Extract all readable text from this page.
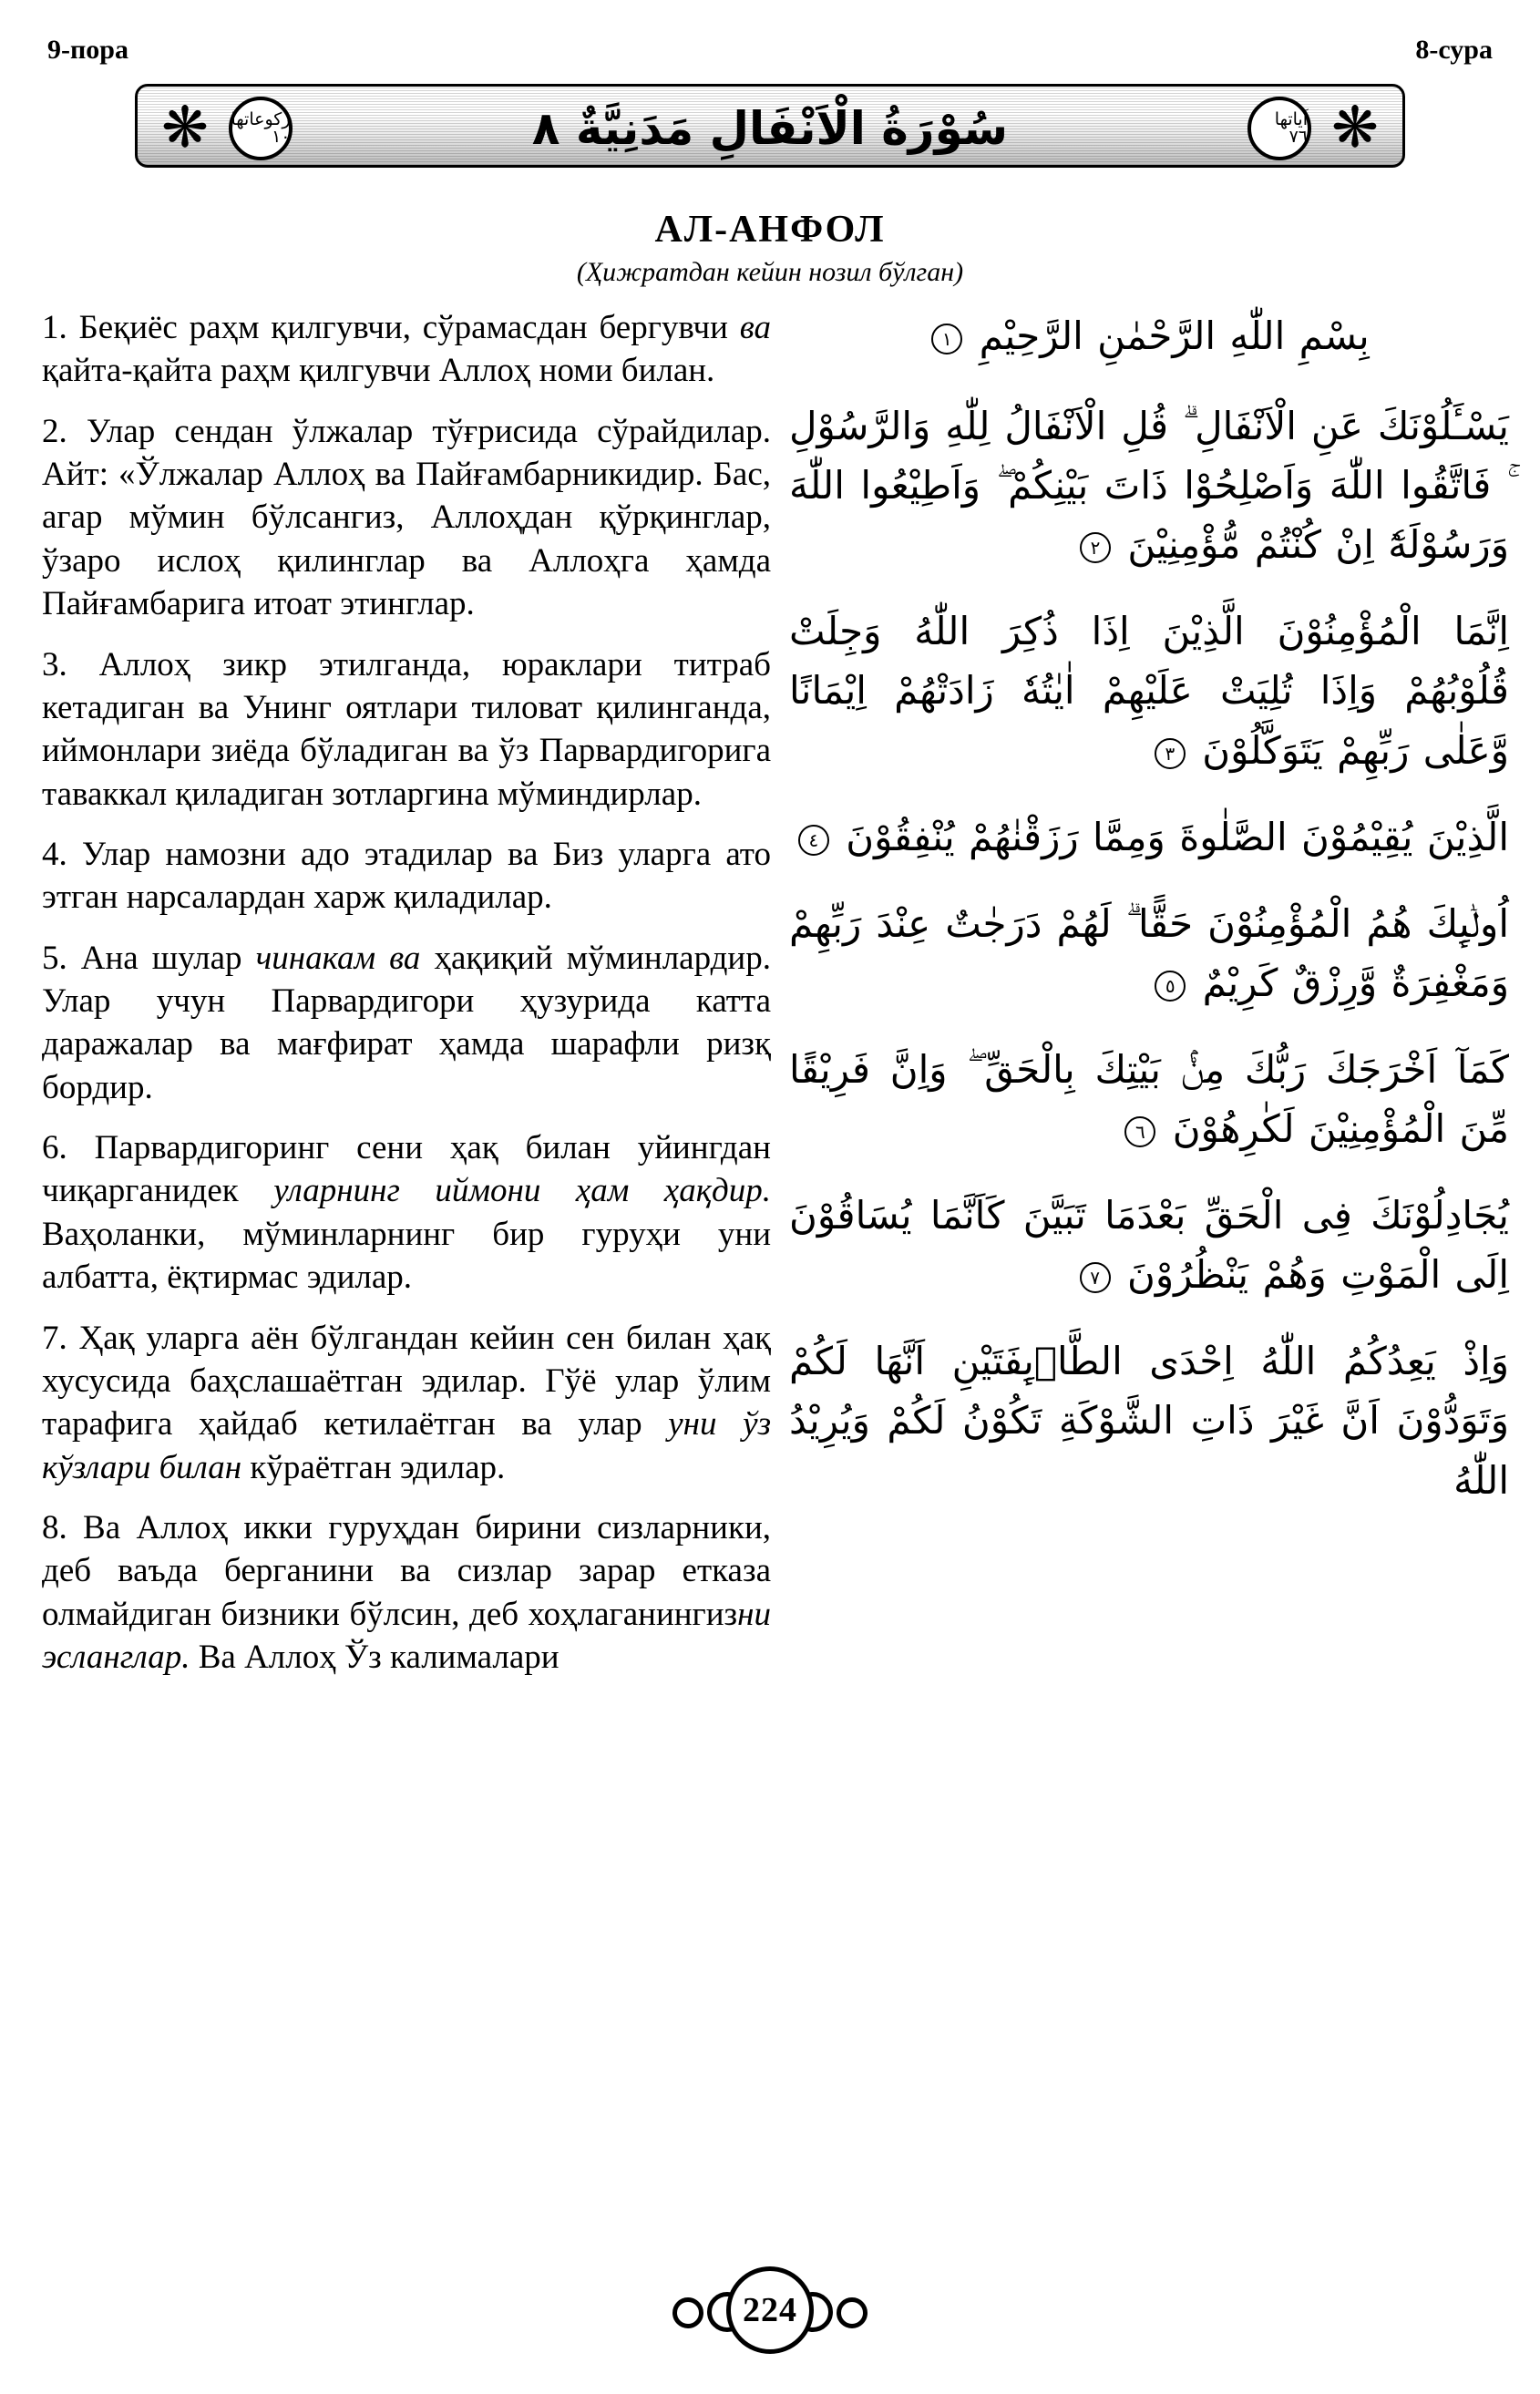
9-пора	8-сура
❋	❋
ركوعاتها ١٠
آياتها ٧٦
سُوْرَةُ الْاَنْفَالِ مَدَنِيَّةٌ ٨
АЛ-АНФОЛ
(Ҳижратдан кейин нозил бўлган)

1. Беқиёс раҳм қилгувчи, сўрамасдан бергувчи ва қайта-қайта раҳм қилгувчи Аллоҳ номи билан.

2. Улар сендан ўлжалар тўғрисида сўрайдилар. Айт: «Ўлжалар Аллоҳ ва Пайғамбарникидир. Бас, агар мўмин бўлсангиз, Аллоҳдан қўрқинглар, ўзаро ислоҳ қилинглар ва Аллоҳга ҳамда Пайғамбарига итоат этинглар.

3. Аллоҳ зикр этилганда, юраклари титраб кетадиган ва Унинг оятлари тиловат қилинганда, иймонлари зиёда бўладиган ва ўз Парвардигорига таваккал қиладиган зотларгина мўминдирлар.

4. Улар намозни адо этадилар ва Биз уларга ато этган нарсалардан харж қиладилар.

5. Ана шулар чинакам ва ҳақиқий мўминлардир. Улар учун Парвардигори ҳузурида катта даражалар ва мағфират ҳамда шарафли ризқ бордир.

6. Парвардигоринг сени ҳақ билан уйингдан чиқарганидек уларнинг иймони ҳам ҳақдир. Ваҳоланки, мўминларнинг бир гуруҳи уни албатта, ёқтирмас эдилар.

7. Ҳақ уларга аён бўлгандан кейин сен билан ҳақ хусусида баҳслашаётган эдилар. Гўё улар ўлим тарафига ҳайдаб кетилаётган ва улар уни ўз кўзлари билан кўраётган эдилар.

8. Ва Аллоҳ икки гуруҳдан бирини сизларники, деб ваъда берганини ва сизлар зарар етказа олмайдиган бизники бўлсин, деб хоҳлаганингизни эсланглар. Ва Аллоҳ Ўз калималари

بِسْمِ اللّٰهِ الرَّحْمٰنِ الرَّحِيْمِ ١

يَسْـَٔلُوْنَكَ عَنِ الْاَنْفَالِ ۗ قُلِ الْاَنْفَالُ لِلّٰهِ وَالرَّسُوْلِ ۚ فَاتَّقُوا اللّٰهَ وَاَصْلِحُوْا ذَاتَ بَيْنِكُمْ ۖ وَاَطِيْعُوا اللّٰهَ وَرَسُوْلَهٗٓ اِنْ كُنْتُمْ مُّؤْمِنِيْنَ ٢

اِنَّمَا الْمُؤْمِنُوْنَ الَّذِيْنَ اِذَا ذُكِرَ اللّٰهُ وَجِلَتْ قُلُوْبُهُمْ وَاِذَا تُلِيَتْ عَلَيْهِمْ اٰيٰتُهٗ زَادَتْهُمْ اِيْمَانًا وَّعَلٰى رَبِّهِمْ يَتَوَكَّلُوْنَ ٣

الَّذِيْنَ يُقِيْمُوْنَ الصَّلٰوةَ وَمِمَّا رَزَقْنٰهُمْ يُنْفِقُوْنَ ٤

اُولٰۤىِٕكَ هُمُ الْمُؤْمِنُوْنَ حَقًّا ۗ لَهُمْ دَرَجٰتٌ عِنْدَ رَبِّهِمْ وَمَغْفِرَةٌ وَّرِزْقٌ كَرِيْمٌ ٥

كَمَآ اَخْرَجَكَ رَبُّكَ مِنْۢ بَيْتِكَ بِالْحَقِّ ۖ وَاِنَّ فَرِيْقًا مِّنَ الْمُؤْمِنِيْنَ لَكٰرِهُوْنَ ٦

يُجَادِلُوْنَكَ فِى الْحَقِّ بَعْدَمَا تَبَيَّنَ كَاَنَّمَا يُسَاقُوْنَ اِلَى الْمَوْتِ وَهُمْ يَنْظُرُوْنَ ٧

وَاِذْ يَعِدُكُمُ اللّٰهُ اِحْدَى الطَّاۤىِٕفَتَيْنِ اَنَّهَا لَكُمْ وَتَوَدُّوْنَ اَنَّ غَيْرَ ذَاتِ الشَّوْكَةِ تَكُوْنُ لَكُمْ وَيُرِيْدُ اللّٰهُ

224
